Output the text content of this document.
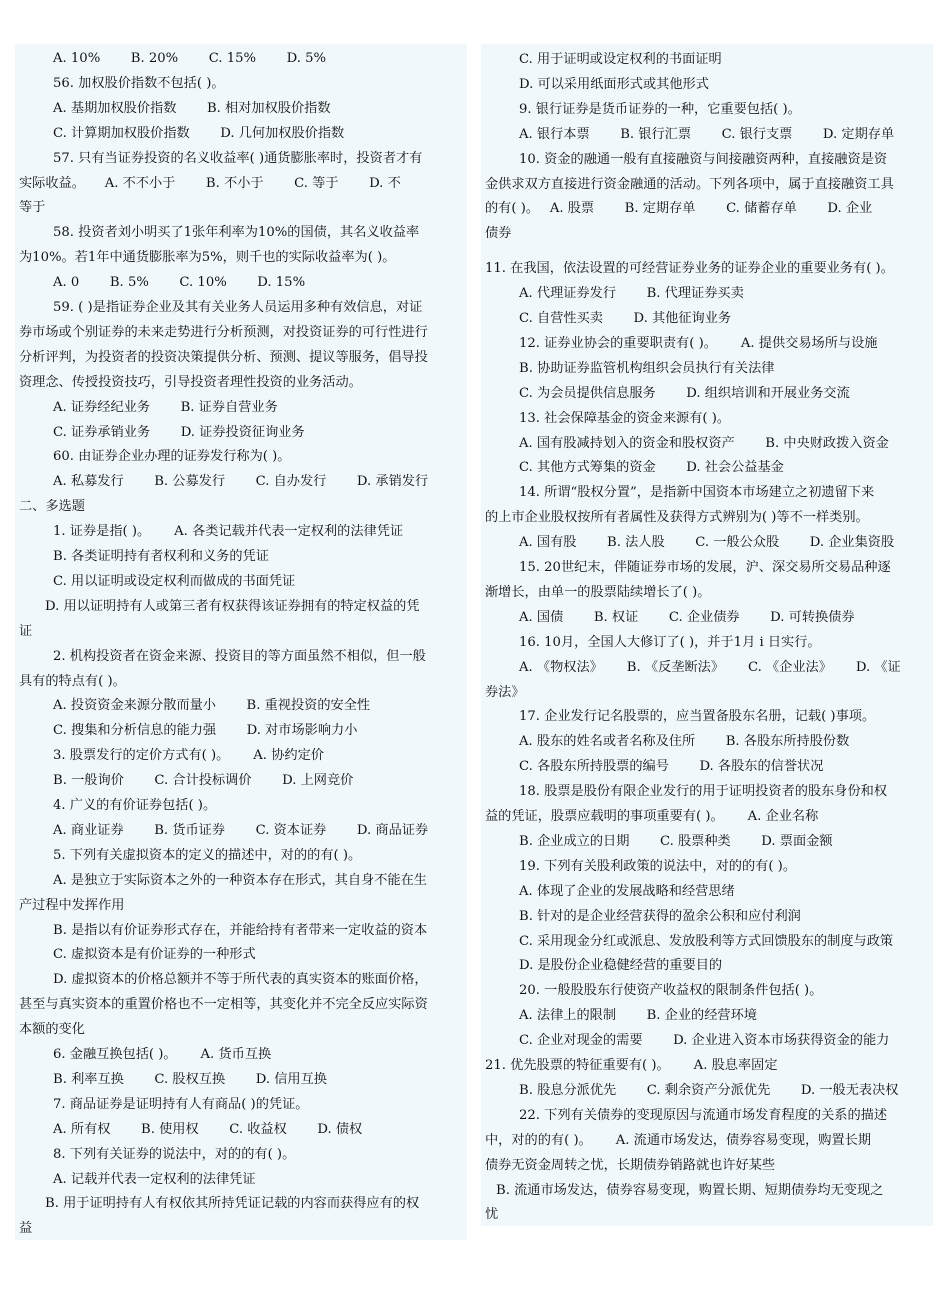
A. 10%　　 B. 20%　　 C. 15%　　 D. 5%
56. 加权股价指数不包括( )。
A. 基期加权股价指数　　 B. 相对加权股价指数
C. 计算期加权股价指数　　 D. 几何加权股价指数
57. 只有当证券投资的名义收益率( )通货膨胀率时，投资者才有
实际收益。　　A. 不不小于　　 B. 不小于　　 C. 等于　　 D. 不
等于
58. 投资者刘小明买了1张年利率为10%的国债，其名义收益率
为10%。若1年中通货膨胀率为5%，则千也的实际收益率为( )。
A. 0　　 B. 5%　　 C. 10%　　 D. 15%
59. ( )是指证券企业及其有关业务人员运用多种有效信息，对证
券市场或个别证券的未来走势进行分析预测，对投资证券的可行性进行
分析评判，为投资者的投资决策提供分析、预测、提议等服务，倡导投
资理念、传授投资技巧，引导投资者理性投资的业务活动。
A. 证券经纪业务　　 B. 证券自营业务
C. 证券承销业务　　 D. 证券投资征询业务
60. 由证券企业办理的证券发行称为( )。
A. 私募发行　　 B. 公募发行　　 C. 自办发行　　 D. 承销发行
二、多选题
1. 证券是指( )。　　 A. 各类记载并代表一定权利的法律凭证
B. 各类证明持有者权利和义务的凭证
C. 用以证明或设定权利而做成的书面凭证
D. 用以证明持有人或第三者有权获得该证券拥有的特定权益的凭
证
2. 机构投资者在资金来源、投资目的等方面虽然不相似，但一般
具有的特点有( )。
A. 投资资金来源分散而量小　　 B. 重视投资的安全性
C. 搜集和分析信息的能力强　　 D. 对市场影响力小
3. 股票发行的定价方式有( )。　　 A. 协约定价
B. 一般询价　　 C. 合计投标调价　　 D. 上网竞价
4. 广义的有价证券包括( )。
A. 商业证券　　 B. 货币证券　　 C. 资本证券　　 D. 商品证券
5. 下列有关虚拟资本的定义的描述中，对的的有( )。
A. 是独立于实际资本之外的一种资本存在形式，其自身不能在生
产过程中发挥作用
B. 是指以有价证券形式存在，并能给持有者带来一定收益的资本
C. 虚拟资本是有价证券的一种形式
D. 虚拟资本的价格总额并不等于所代表的真实资本的账面价格，
甚至与真实资本的重置价格也不一定相等，其变化并不完全反应实际资
本额的变化
6. 金融互换包括( )。　　 A. 货币互换
B. 利率互换　　 C. 股权互换　　 D. 信用互换
7. 商品证券是证明持有人有商品( )的凭证。
A. 所有权　　 B. 使用权　　 C. 收益权　　 D. 债权
8. 下列有关证券的说法中，对的的有( )。
A. 记载并代表一定权利的法律凭证
B. 用于证明持有人有权依其所持凭证记载的内容而获得应有的权
益
C. 用于证明或设定权利的书面证明
D. 可以采用纸面形式或其他形式
9. 银行证券是货币证券的一种，它重要包括( )。
A. 银行本票　　 B. 银行汇票　　 C. 银行支票　　 D. 定期存单
10. 资金的融通一般有直接融资与间接融资两种，直接融资是资
金供求双方直接进行资金融通的活动。下列各项中，属于直接融资工具
的有( )。　 A. 股票　　 B. 定期存单　　 C. 储蓄存单　　 D. 企业
债券
11. 在我国，依法设置的可经营证券业务的证券企业的重要业务有( )。
A. 代理证券发行　　 B. 代理证券买卖
C. 自营性买卖　　 D. 其他征询业务
12. 证券业协会的重要职责有( )。　　 A. 提供交易场所与设施
B. 协助证券监管机构组织会员执行有关法律
C. 为会员提供信息服务　　 D. 组织培训和开展业务交流
13. 社会保障基金的资金来源有( )。
A. 国有股减持划入的资金和股权资产　　 B. 中央财政拨入资金
C. 其他方式筹集的资金　　 D. 社会公益基金
14. 所谓“股权分置”，是指新中国资本市场建立之初遗留下来
的上市企业股权按所有者属性及获得方式辨别为( )等不一样类别。
A. 国有股　　 B. 法人股　　 C. 一般公众股　　 D. 企业集资股
15. 20世纪末，伴随证券市场的发展，沪、深交易所交易品种逐
渐增长，由单一的股票陆续增长了( )。
A. 国债　　 B. 权证　　 C. 企业债券　　 D. 可转换债券
16. 10月，全国人大修订了( )，并于1月 i 日实行。
A. 《物权法》　　 B. 《反垄断法》　　 C. 《企业法》　　 D. 《证
券法》
17. 企业发行记名股票的，应当置备股东名册，记载( )事项。
A. 股东的姓名或者名称及住所　　 B. 各股东所持股份数
C. 各股东所持股票的编号　　 D. 各股东的信誉状况
18. 股票是股份有限企业发行的用于证明投资者的股东身份和权
益的凭证，股票应载明的事项重要有( )。　　 A. 企业名称
B. 企业成立的日期　　 C. 股票种类　　 D. 票面金额
19. 下列有关股利政策的说法中，对的的有( )。
A. 体现了企业的发展战略和经营思绪
B. 针对的是企业经营获得的盈余公积和应付利润
C. 采用现金分红或派息、发放股利等方式回馈股东的制度与政策
D. 是股份企业稳健经营的重要目的
20. 一般股股东行使资产收益权的限制条件包括( )。
A. 法律上的限制　　 B. 企业的经营环境
C. 企业对现金的需要　　 D. 企业进入资本市场获得资金的能力
21. 优先股票的特征重要有( )。　　 A. 股息率固定
B. 股息分派优先　　 C. 剩余资产分派优先　　 D. 一般无表决权
22. 下列有关债券的变现原因与流通市场发育程度的关系的描述
中，对的的有( )。　　 A. 流通市场发达，债券容易变现，购置长期
债券无资金周转之忧，长期债券销路就也许好某些
B. 流通市场发达，债券容易变现，购置长期、短期债券均无变现之
忧
